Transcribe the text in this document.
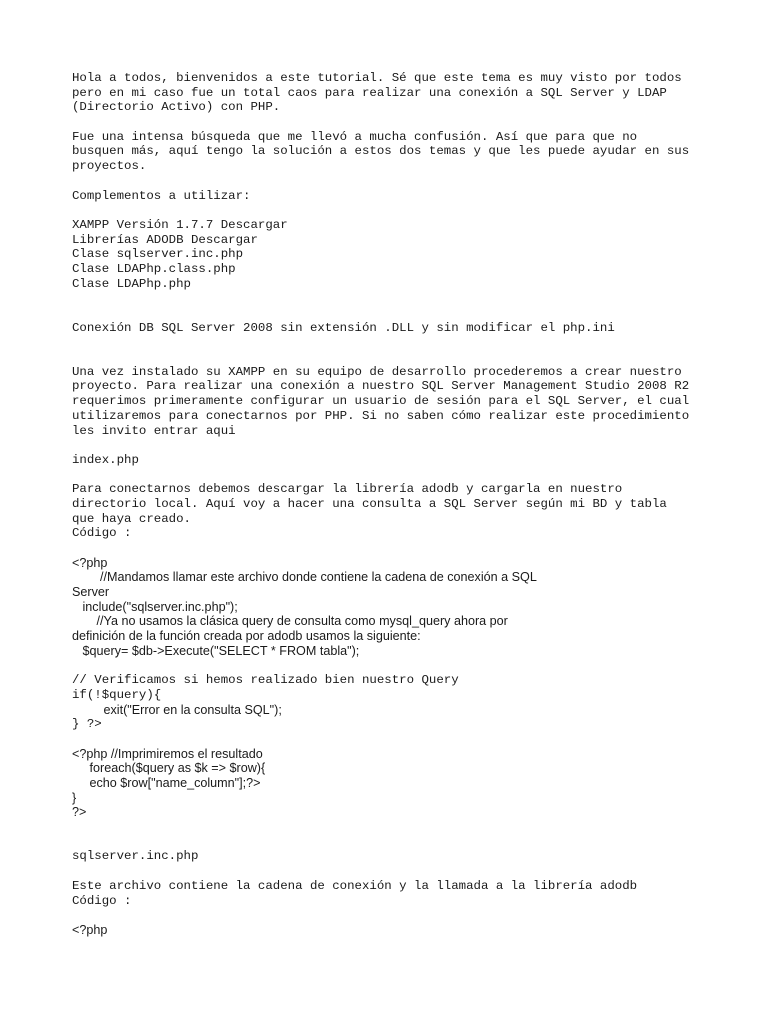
Hola a todos, bienvenidos a este tutorial. Sé que este tema es muy visto por todos
pero en mi caso fue un total caos para realizar una conexión a SQL Server y LDAP
(Directorio Activo) con PHP.
Fue una intensa búsqueda que me llevó a mucha confusión. Así que para que no
busquen más, aquí tengo la solución a estos dos temas y que les puede ayudar en sus
proyectos.
Complementos a utilizar:
XAMPP Versión 1.7.7 Descargar
Librerías ADODB Descargar
Clase sqlserver.inc.php
Clase LDAPhp.class.php
Clase LDAPhp.php
Conexión DB SQL Server 2008 sin extensión .DLL y sin modificar el php.ini
Una vez instalado su XAMPP en su equipo de desarrollo procederemos a crear nuestro
proyecto. Para realizar una conexión a nuestro SQL Server Management Studio 2008 R2
requerimos primeramente configurar un usuario de sesión para el SQL Server, el cual
utilizaremos para conectarnos por PHP. Si no saben cómo realizar este procedimiento
les invito entrar aqui
index.php
Para conectarnos debemos descargar la librería adodb y cargarla en nuestro
directorio local. Aquí voy a hacer una consulta a SQL Server según mi BD y tabla
que haya creado.
Código :
<?php
//Mandamos llamar este archivo donde contiene la cadena de conexión a SQL
Server
include("sqlserver.inc.php");
//Ya no usamos la clásica query de consulta como mysql_query ahora por
definición de la función creada por adodb usamos la siguiente:
$query= $db->Execute("SELECT * FROM tabla");
// Verificamos si hemos realizado bien nuestro Query
if(!$query){
exit("Error en la consulta SQL");
} ?>
<?php //Imprimiremos el resultado
foreach($query as $k => $row){
echo $row["name_column"];?>
}
?>
sqlserver.inc.php
Este archivo contiene la cadena de conexión y la llamada a la librería adodb
Código :
<?php
